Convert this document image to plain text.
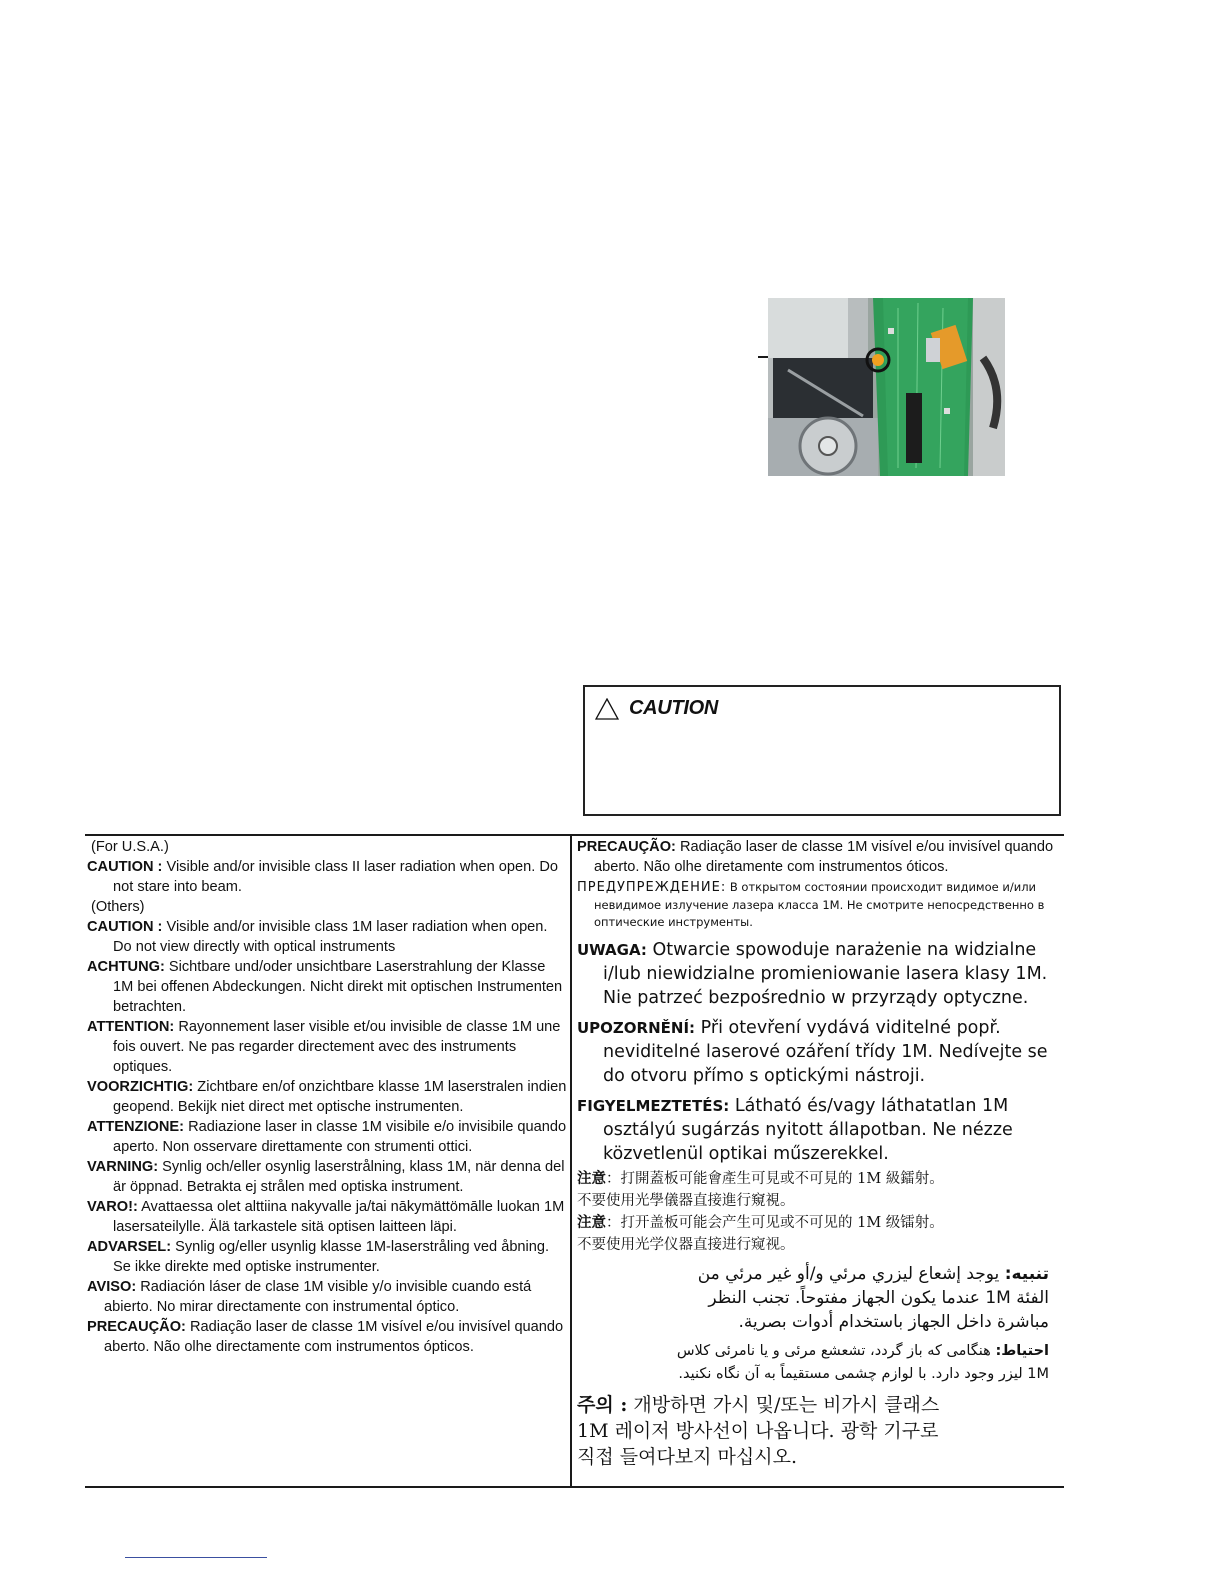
CAUTION

(For U.S.A.)

CAUTION : Visible and/or invisible class II laser radiation when open. Do not stare into beam.

(Others)

CAUTION : Visible and/or invisible class 1M laser radiation when open. Do not view directly with optical instruments

ACHTUNG: Sichtbare und/oder unsichtbare Laserstrahlung der Klasse 1M bei offenen Abdeckungen. Nicht direkt mit optischen Instrumenten betrachten.

ATTENTION: Rayonnement laser visible et/ou invisible de classe 1M une fois ouvert. Ne pas regarder directement avec des instruments optiques.

VOORZICHTIG: Zichtbare en/of onzichtbare klasse 1M laserstralen indien geopend. Bekijk niet direct met optische instrumenten.

ATTENZIONE: Radiazione laser in classe 1M visibile e/o invisibile quando aperto. Non osservare direttamente con strumenti ottici.

VARNING: Synlig och/eller osynlig laserstrålning, klass 1M, när denna del är öppnad. Betrakta ej strålen med optiska instrument.

VARO!: Avattaessa olet alttiina nakyvalle ja/tai nākymättömālle luokan 1M lasersateilylle. Älä tarkastele sitä optisen laitteen läpi.

ADVARSEL: Synlig og/eller usynlig klasse 1M-laserstråling ved åbning. Se ikke direkte med optiske instrumenter.

AVISO: Radiación láser de clase 1M visible y/o invisible cuando está abierto. No mirar directamente con instrumental óptico.

PRECAUÇÃO: Radiação laser de classe 1M visível e/ou invisível quando aberto. Não olhe directamente com instrumentos ópticos.

PRECAUÇÃO: Radiação laser de classe 1M visível e/ou invisível quando aberto. Não olhe diretamente com instrumentos óticos.

ПРЕДУПРЕЖДЕНИЕ: В открытом состоянии происходит видимое и/или невидимое излучение лазера класса 1М. Не смотрите непосредственно в оптические инструменты.

UWAGA: Otwarcie spowoduje narażenie na widzialne i/lub niewidzialne promieniowanie lasera klasy 1M. Nie patrzeć bezpośrednio w przyrządy optyczne.

UPOZORNĚNÍ: Při otevření vydává viditelné popř. neviditelné laserové ozáření třídy 1M. Nedívejte se do otvoru přímo s optickými nástroji.

FIGYELMEZTETÉS: Látható és/vagy láthatatlan 1M osztályú sugárzás nyitott állapotban. Ne nézze közvetlenül optikai műszerekkel.

注意：打開蓋板可能會產生可見或不可見的 1M 級鐳射。

不要使用光學儀器直接進行窺視。

注意：打开盖板可能会产生可见或不可见的 1M 级镭射。

不要使用光学仪器直接进行窥视。

تنبيه: يوجد إشعاع ليزري مرئي و/أو غير مرئي من

الفئة 1M عندما يكون الجهاز مفتوحاً. تجنب النظر

مباشرة داخل الجهاز باستخدام أدوات بصرية.

احتياط: هنگامی که باز گردد، تشعشع مرئی و یا نامرئی کلاس

1M لیزر وجود دارد. با لوازم چشمی مستقیماً به آن نگاه نکنید.

주의 : 개방하면 가시 및/또는 비가시 클래스

1M 레이저 방사선이 나옵니다. 광학 기구로

직접 들여다보지 마십시오.
